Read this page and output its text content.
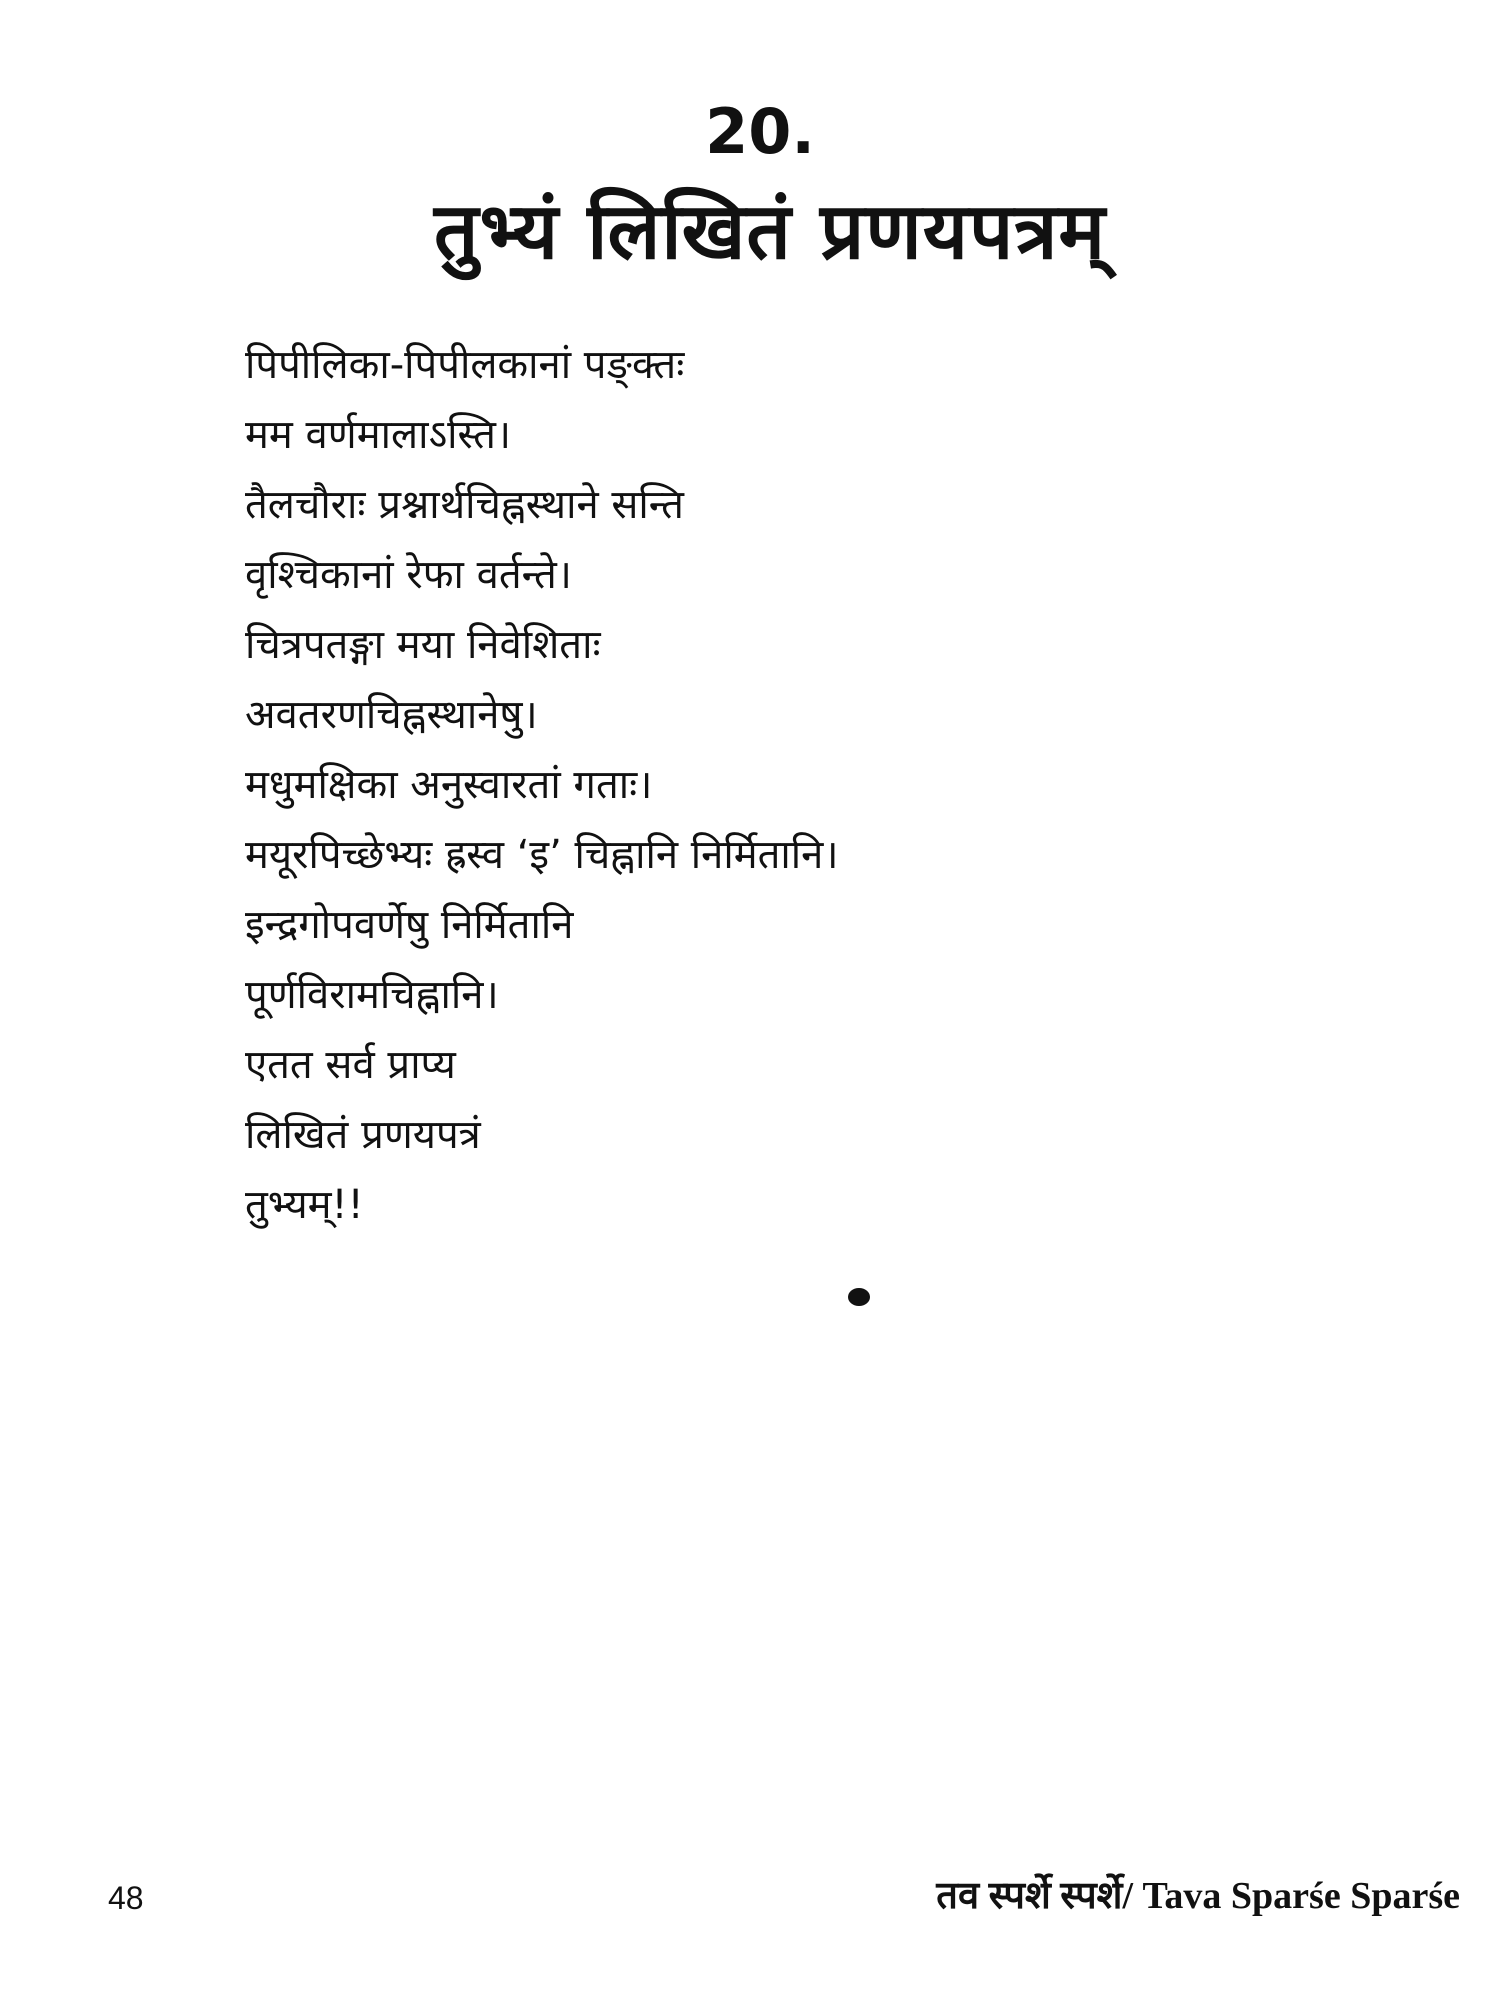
20.
तुभ्यं लिखितं प्रणयपत्रम्
पिपीलिका-पिपीलकानां पङ्क्तः
मम वर्णमालाऽस्ति।
तैलचौराः प्रश्नार्थचिह्नस्थाने सन्ति
वृश्चिकानां रेफा वर्तन्ते।
चित्रपतङ्गा मया निवेशिताः
अवतरणचिह्नस्थानेषु।
मधुमक्षिका अनुस्वारतां गताः।
मयूरपिच्छेभ्यः ह्रस्व ‘इ’ चिह्नानि निर्मितानि।
इन्द्रगोपवर्णेषु निर्मितानि
पूर्णविरामचिह्नानि।
एतत सर्व प्राप्य
लिखितं प्रणयपत्रं
तुभ्यम्!!
48	तव स्पर्शे स्पर्शे/ Tava Sparśe Sparśe
